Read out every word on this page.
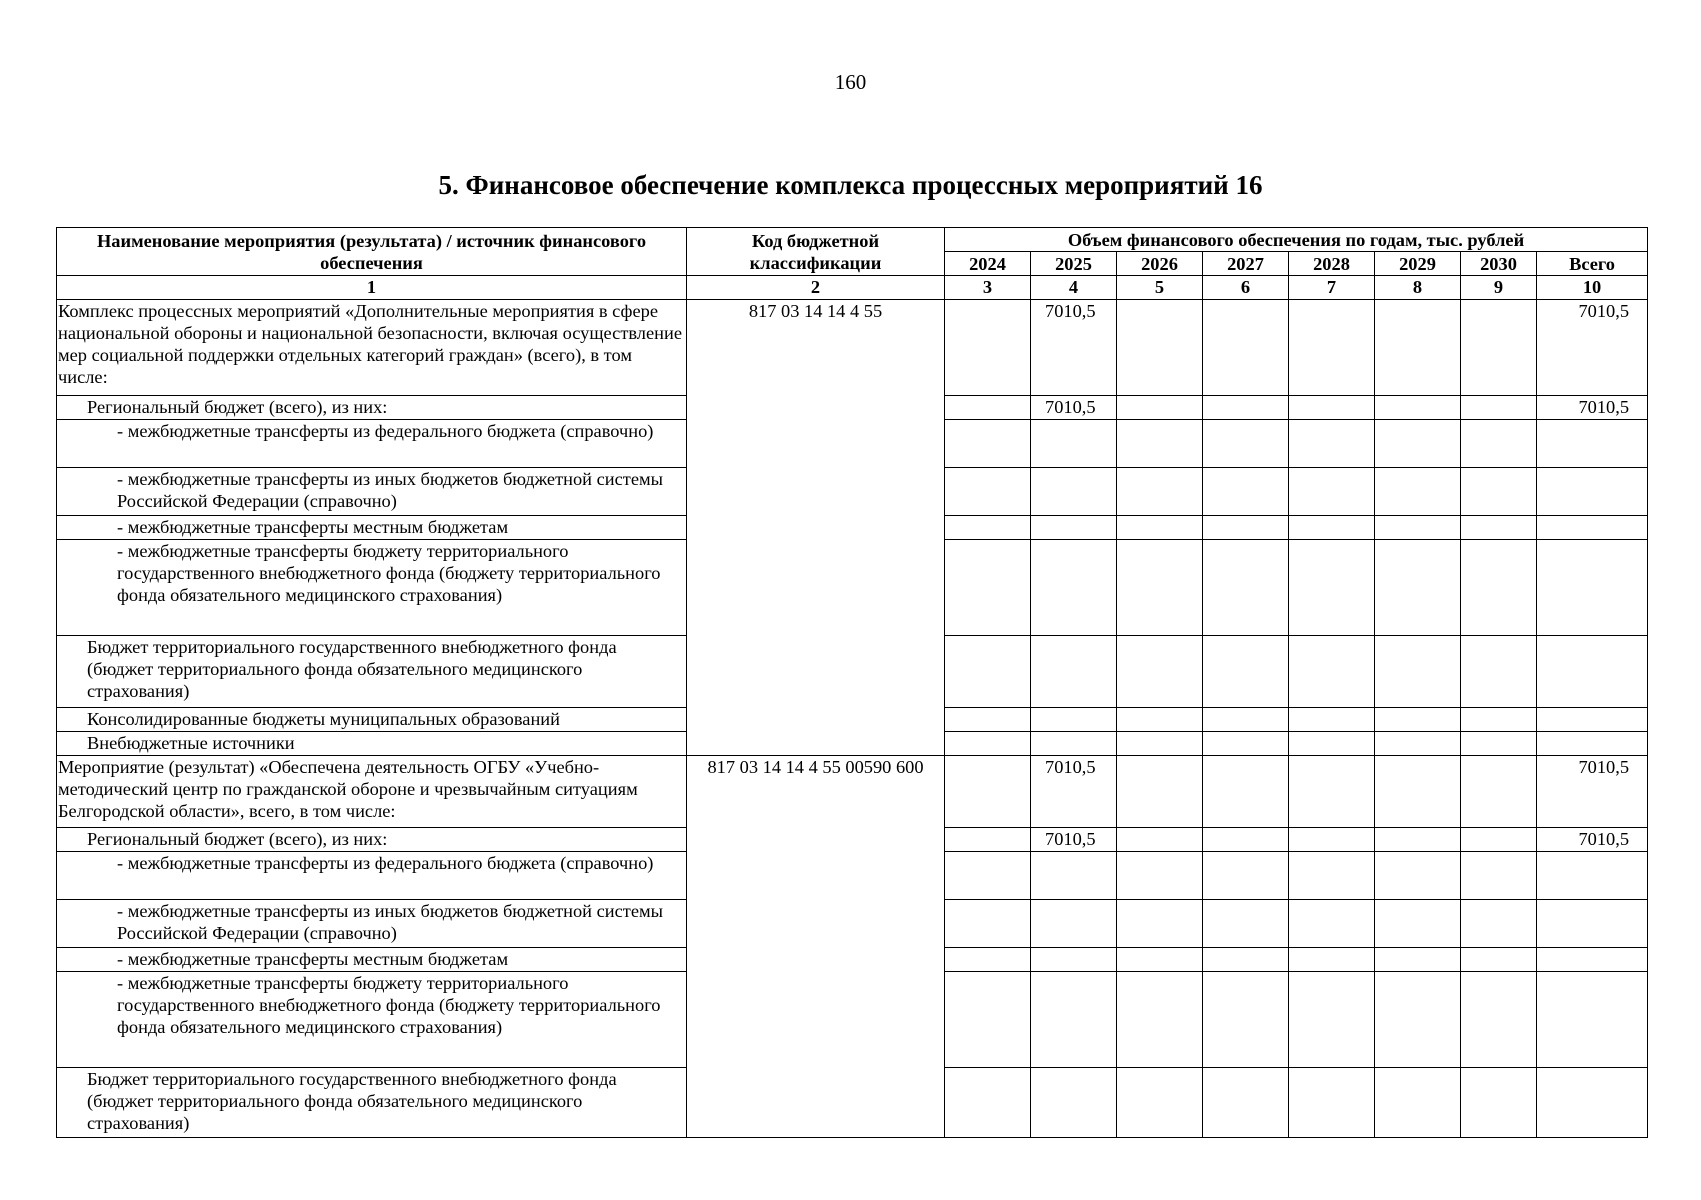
160
5. Финансовое обеспечение комплекса процессных мероприятий 16
Наименование мероприятия (результата) / источник финансового обеспечения	Код бюджетной классификации	Объем финансового обеспечения по годам, тыс. рублей							
		2024	2025	2026	2027	2028	2029	2030	Всего
1	2	3	4	5	6	7	8	9	10
Комплекс процессных мероприятий «Дополнительные мероприятия в сфере национальной обороны и национальной безопасности, включая осуществление мер социальной поддержки отдельных категорий граждан» (всего), в том числе:	817 03 14 14 4 55		7010,5						7010,5
Региональный бюджет (всего), из них:			7010,5						7010,5
- межбюджетные трансферты из федерального бюджета (справочно)									
- межбюджетные трансферты из иных бюджетов бюджетной системы Российской Федерации (справочно)									
- межбюджетные трансферты местным бюджетам									
- межбюджетные трансферты бюджету территориального государственного внебюджетного фонда (бюджету территориального фонда обязательного медицинского страхования)									
Бюджет территориального государственного внебюджетного фонда (бюджет территориального фонда обязательного медицинского страхования)									
Консолидированные бюджеты муниципальных образований									
Внебюджетные источники									
Мероприятие (результат) «Обеспечена деятельность ОГБУ «Учебно-методический центр по гражданской обороне и чрезвычайным ситуациям Белгородской области», всего, в том числе:	817 03 14 14 4 55 00590 600		7010,5						7010,5
Региональный бюджет (всего), из них:			7010,5						7010,5
- межбюджетные трансферты из федерального бюджета (справочно)									
- межбюджетные трансферты из иных бюджетов бюджетной системы Российской Федерации (справочно)									
- межбюджетные трансферты местным бюджетам									
- межбюджетные трансферты бюджету территориального государственного внебюджетного фонда (бюджету территориального фонда обязательного медицинского страхования)									
Бюджет территориального государственного внебюджетного фонда (бюджет территориального фонда обязательного медицинского страхования)									
